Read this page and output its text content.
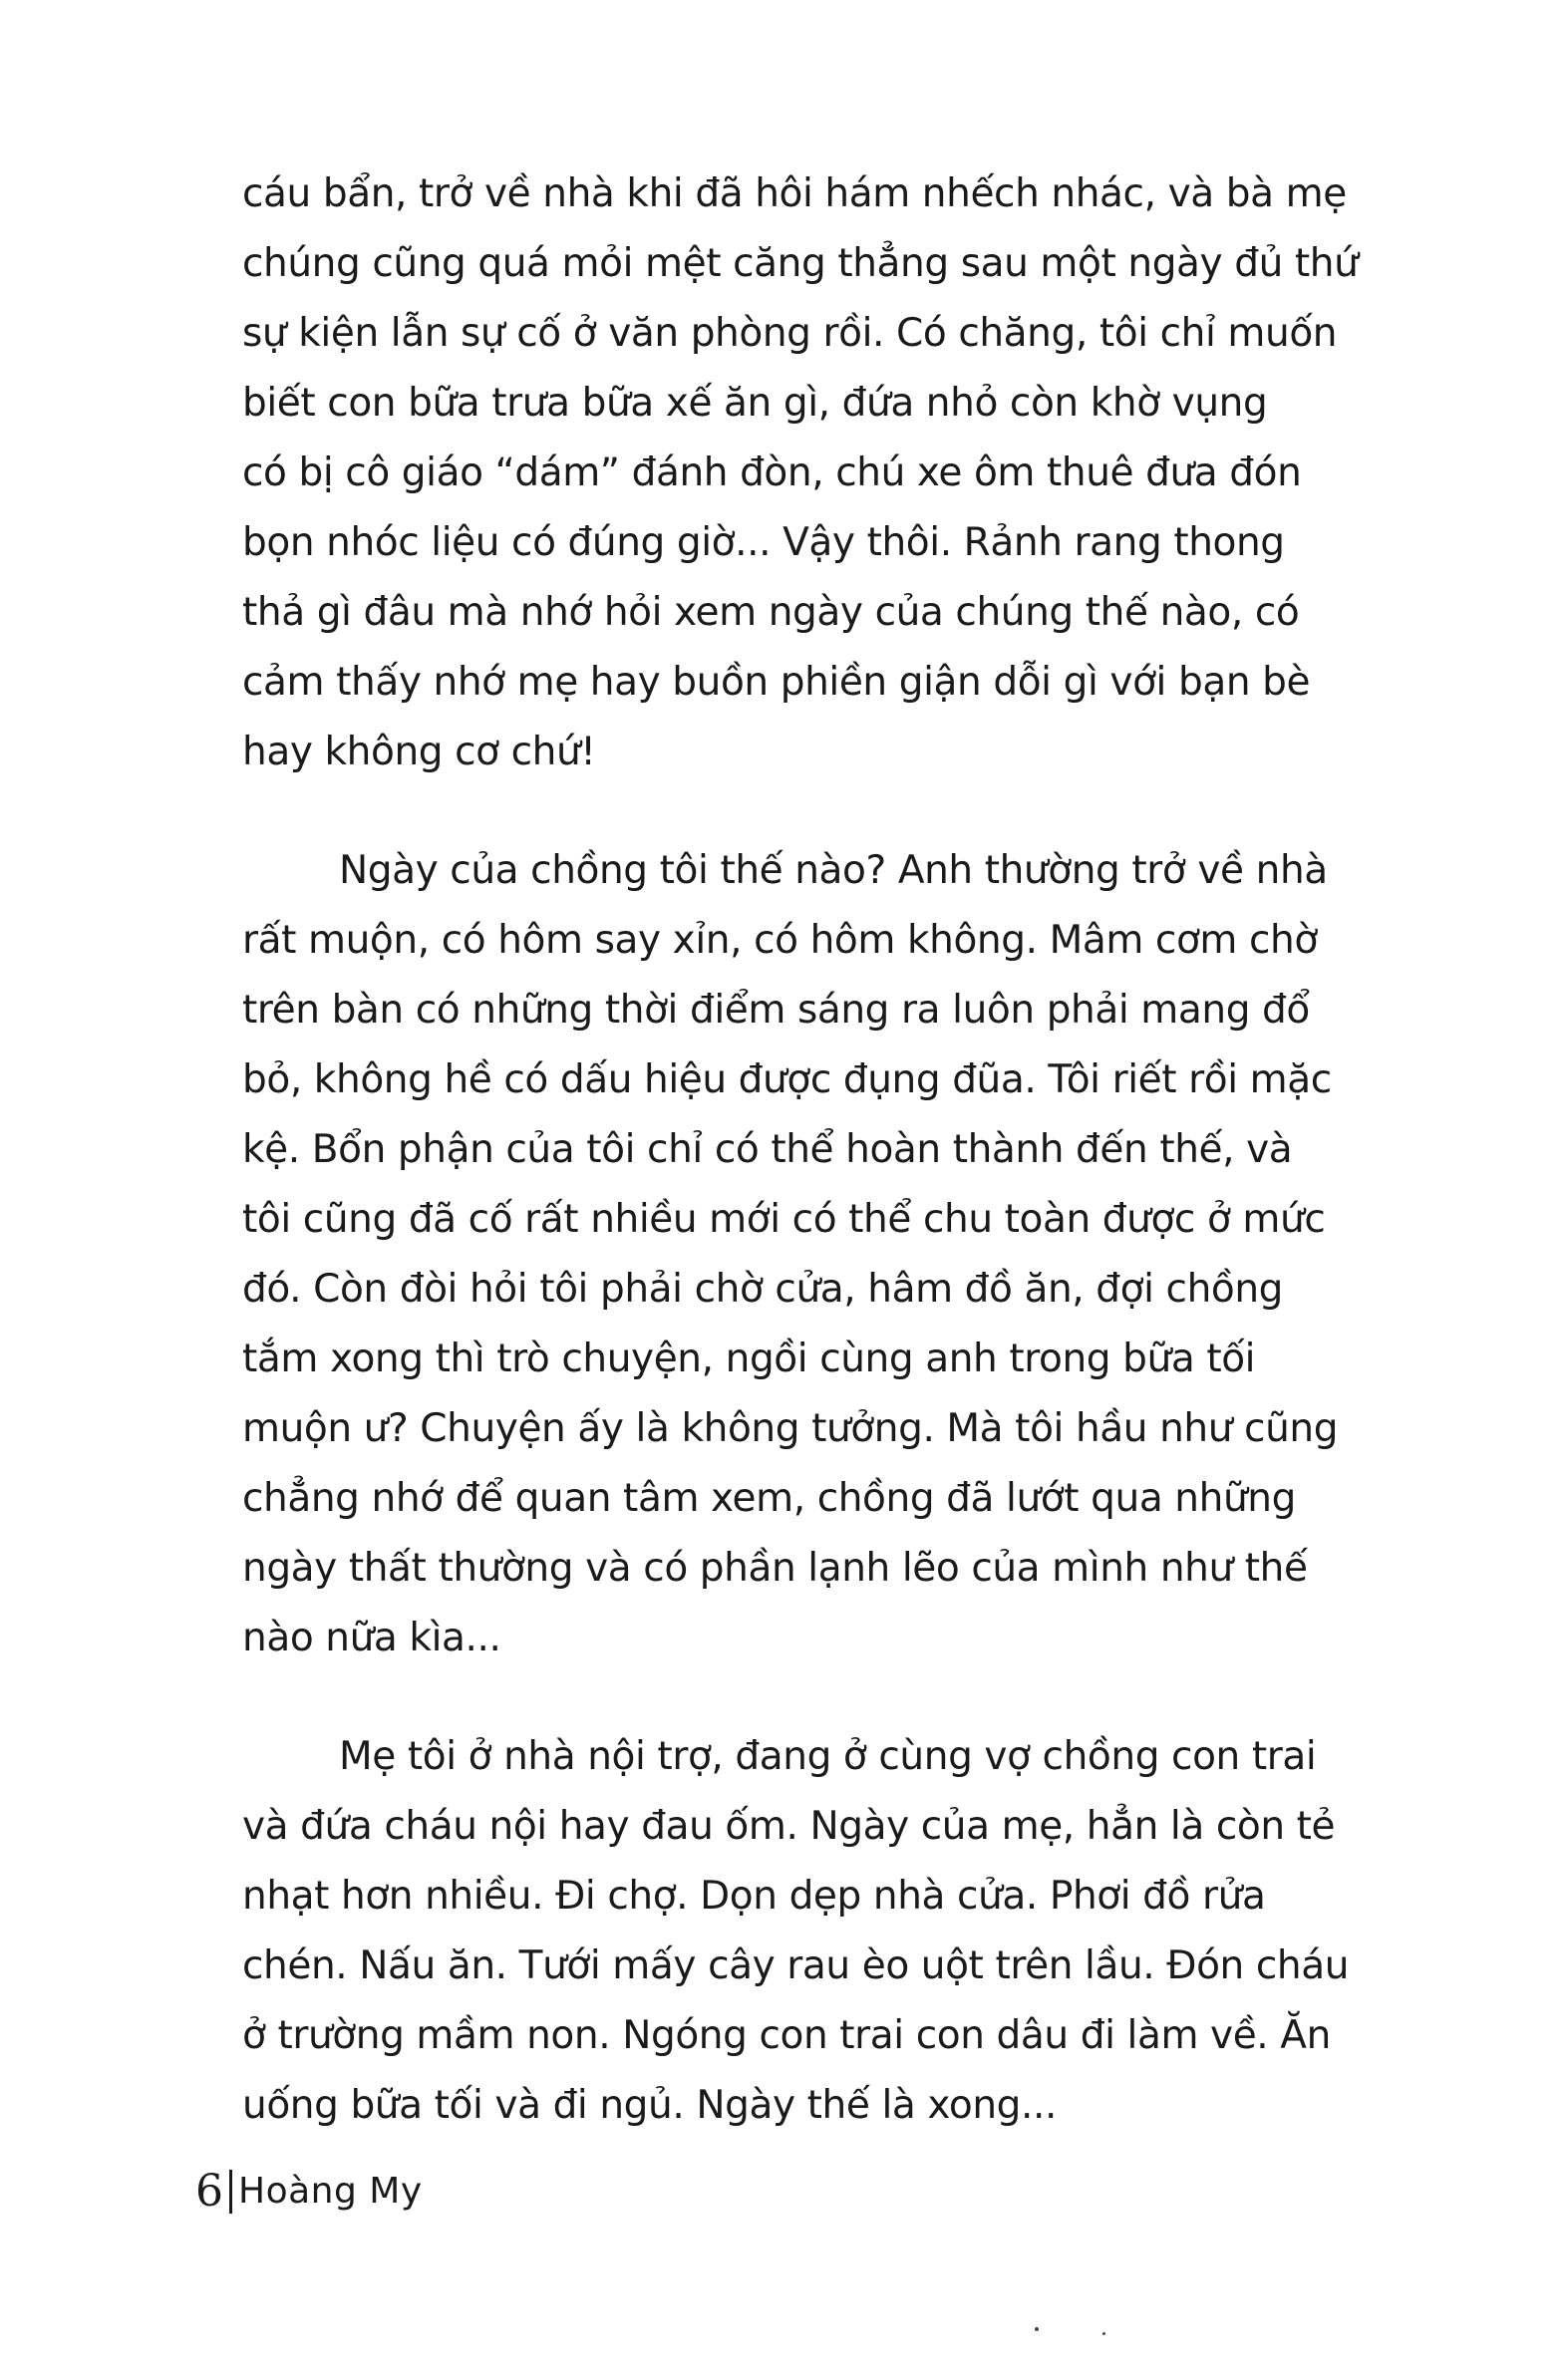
cáu bẩn, trở về nhà khi đã hôi hám nhếch nhác, và bà mẹ
chúng cũng quá mỏi mệt căng thẳng sau một ngày đủ thứ
sự kiện lẫn sự cố ở văn phòng rồi. Có chăng, tôi chỉ muốn
biết con bữa trưa bữa xế ăn gì, đứa nhỏ còn khờ vụng
có bị cô giáo “dám” đánh đòn, chú xe ôm thuê đưa đón
bọn nhóc liệu có đúng giờ... Vậy thôi. Rảnh rang thong
thả gì đâu mà nhớ hỏi xem ngày của chúng thế nào, có
cảm thấy nhớ mẹ hay buồn phiền giận dỗi gì với bạn bè
hay không cơ chứ!
Ngày của chồng tôi thế nào? Anh thường trở về nhà
rất muộn, có hôm say xỉn, có hôm không. Mâm cơm chờ
trên bàn có những thời điểm sáng ra luôn phải mang đổ
bỏ, không hề có dấu hiệu được đụng đũa. Tôi riết rồi mặc
kệ. Bổn phận của tôi chỉ có thể hoàn thành đến thế, và
tôi cũng đã cố rất nhiều mới có thể chu toàn được ở mức
đó. Còn đòi hỏi tôi phải chờ cửa, hâm đồ ăn, đợi chồng
tắm xong thì trò chuyện, ngồi cùng anh trong bữa tối
muộn ư? Chuyện ấy là không tưởng. Mà tôi hầu như cũng
chẳng nhớ để quan tâm xem, chồng đã lướt qua những
ngày thất thường và có phần lạnh lẽo của mình như thế
nào nữa kìa...
Mẹ tôi ở nhà nội trợ, đang ở cùng vợ chồng con trai
và đứa cháu nội hay đau ốm. Ngày của mẹ, hẳn là còn tẻ
nhạt hơn nhiều. Đi chợ. Dọn dẹp nhà cửa. Phơi đồ rửa
chén. Nấu ăn. Tưới mấy cây rau èo uột trên lầu. Đón cháu
ở trường mầm non. Ngóng con trai con dâu đi làm về. Ăn
uống bữa tối và đi ngủ. Ngày thế là xong...
6 Hoàng My
